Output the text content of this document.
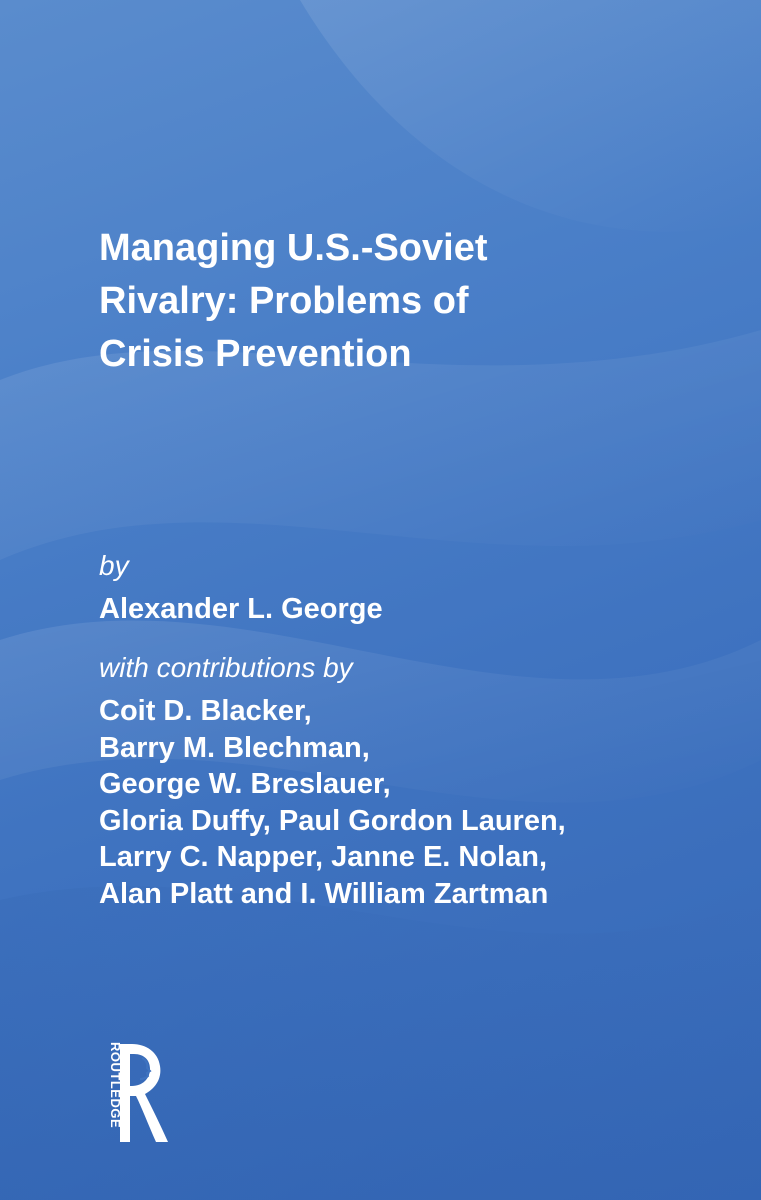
Managing U.S.-Soviet
Rivalry: Problems of
Crisis Prevention
by
Alexander L. George
with contributions by
Coit D. Blacker,
Barry M. Blechman,
George W. Breslauer,
Gloria Duffy, Paul Gordon Lauren,
Larry C. Napper, Janne E. Nolan,
Alan Platt and I. William Zartman
ROUTLEDGE
